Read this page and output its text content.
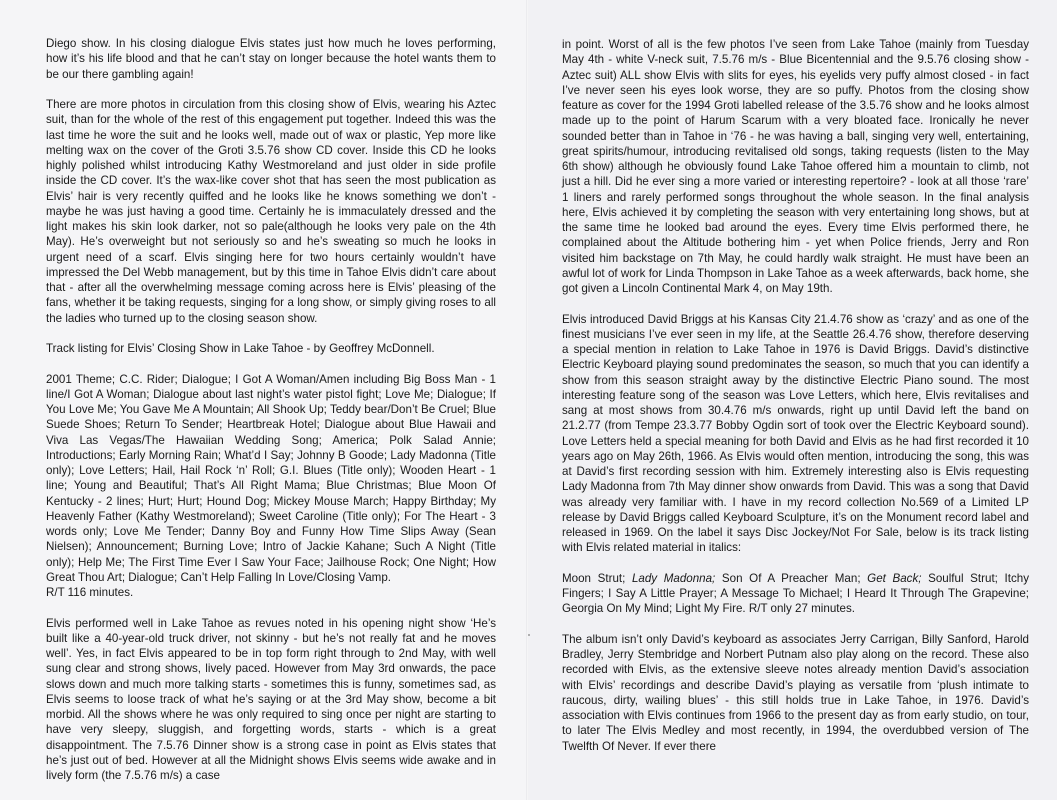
Diego show. In his closing dialogue Elvis states just how much he loves performing, how it’s his life blood and that he can’t stay on longer because the hotel wants them to be our there gambling again!

There are more photos in circulation from this closing show of Elvis, wearing his Aztec suit, than for the whole of the rest of this engagement put together. Indeed this was the last time he wore the suit and he looks well, made out of wax or plastic, Yep more like melting wax on the cover of the Groti 3.5.76 show CD cover. Inside this CD he looks highly polished whilst introducing Kathy Westmoreland and just older in side profile inside the CD cover. It’s the wax-like cover shot that has seen the most publication as Elvis’ hair is very recently quiffed and he looks like he knows something we don’t - maybe he was just having a good time. Certainly he is immaculately dressed and the light makes his skin look darker, not so pale(although he looks very pale on the 4th May). He’s overweight but not seriously so and he’s sweating so much he looks in urgent need of a scarf. Elvis singing here for two hours certainly wouldn’t have impressed the Del Webb management, but by this time in Tahoe Elvis didn’t care about that - after all the overwhelming message coming across here is Elvis’ pleasing of the fans, whether it be taking requests, singing for a long show, or simply giving roses to all the ladies who turned up to the closing season show.

Track listing for Elvis’ Closing Show in Lake Tahoe - by Geoffrey McDonnell.

2001 Theme; C.C. Rider; Dialogue; I Got A Woman/Amen including Big Boss Man - 1 line/I Got A Woman; Dialogue about last night’s water pistol fight; Love Me; Dialogue; If You Love Me; You Gave Me A Mountain; All Shook Up; Teddy bear/Don’t Be Cruel; Blue Suede Shoes; Return To Sender; Heartbreak Hotel; Dialogue about Blue Hawaii and Viva Las Vegas/The Hawaiian Wedding Song; America; Polk Salad Annie; Introductions; Early Morning Rain; What’d I Say; Johnny B Goode; Lady Madonna (Title only); Love Letters; Hail, Hail Rock ‘n’ Roll; G.I. Blues (Title only); Wooden Heart - 1 line; Young and Beautiful; That’s All Right Mama; Blue Christmas; Blue Moon Of Kentucky - 2 lines; Hurt; Hurt; Hound Dog; Mickey Mouse March; Happy Birthday; My Heavenly Father (Kathy Westmoreland); Sweet Caroline (Title only); For The Heart - 3 words only; Love Me Tender; Danny Boy and Funny How Time Slips Away (Sean Nielsen); Announcement; Burning Love; Intro of Jackie Kahane; Such A Night (Title only); Help Me; The First Time Ever I Saw Your Face; Jailhouse Rock; One Night; How Great Thou Art; Dialogue; Can’t Help Falling In Love/Closing Vamp.

R/T 116 minutes.

Elvis performed well in Lake Tahoe as revues noted in his opening night show ‘He’s built like a 40-year-old truck driver, not skinny - but he’s not really fat and he moves well’. Yes, in fact Elvis appeared to be in top form right through to 2nd May, with well sung clear and strong shows, lively paced. However from May 3rd onwards, the pace slows down and much more talking starts - sometimes this is funny, sometimes sad, as Elvis seems to loose track of what he’s saying or at the 3rd May show, become a bit morbid. All the shows where he was only required to sing once per night are starting to have very sleepy, sluggish, and forgetting words, starts - which is a great disappointment. The 7.5.76 Dinner show is a strong case in point as Elvis states that he’s just out of bed. However at all the Midnight shows Elvis seems wide awake and in lively form (the 7.5.76 m/s) a case

in point. Worst of all is the few photos I’ve seen from Lake Tahoe (mainly from Tuesday May 4th - white V-neck suit, 7.5.76 m/s - Blue Bicentennial and the 9.5.76 closing show - Aztec suit) ALL show Elvis with slits for eyes, his eyelids very puffy almost closed - in fact I’ve never seen his eyes look worse, they are so puffy. Photos from the closing show feature as cover for the 1994 Groti labelled release of the 3.5.76 show and he looks almost made up to the point of Harum Scarum with a very bloated face. Ironically he never sounded better than in Tahoe in ‘76 - he was having a ball, singing very well, entertaining, great spirits/humour, introducing revitalised old songs, taking requests (listen to the May 6th show) although he obviously found Lake Tahoe offered him a mountain to climb, not just a hill. Did he ever sing a more varied or interesting repertoire? - look at all those ‘rare’ 1 liners and rarely performed songs throughout the whole season. In the final analysis here, Elvis achieved it by completing the season with very entertaining long shows, but at the same time he looked bad around the eyes. Every time Elvis performed there, he complained about the Altitude bothering him - yet when Police friends, Jerry and Ron visited him backstage on 7th May, he could hardly walk straight. He must have been an awful lot of work for Linda Thompson in Lake Tahoe as a week afterwards, back home, she got given a Lincoln Continental Mark 4, on May 19th.

Elvis introduced David Briggs at his Kansas City 21.4.76 show as ‘crazy’ and as one of the finest musicians I’ve ever seen in my life, at the Seattle 26.4.76 show, therefore deserving a special mention in relation to Lake Tahoe in 1976 is David Briggs. David’s distinctive Electric Keyboard playing sound predominates the season, so much that you can identify a show from this season straight away by the distinctive Electric Piano sound. The most interesting feature song of the season was Love Letters, which here, Elvis revitalises and sang at most shows from 30.4.76 m/s onwards, right up until David left the band on 21.2.77 (from Tempe 23.3.77 Bobby Ogdin sort of took over the Electric Keyboard sound). Love Letters held a special meaning for both David and Elvis as he had first recorded it 10 years ago on May 26th, 1966. As Elvis would often mention, introducing the song, this was at David’s first recording session with him. Extremely interesting also is Elvis requesting Lady Madonna from 7th May dinner show onwards from David. This was a song that David was already very familiar with. I have in my record collection No.569 of a Limited LP release by David Briggs called Keyboard Sculpture, it’s on the Monument record label and released in 1969. On the label it says Disc Jockey/Not For Sale, below is its track listing with Elvis related material in italics:

Moon Strut; Lady Madonna; Son Of A Preacher Man; Get Back; Soulful Strut; Itchy Fingers; I Say A Little Prayer; A Message To Michael; I Heard It Through The Grapevine; Georgia On My Mind; Light My Fire. R/T only 27 minutes.

The album isn’t only David’s keyboard as associates Jerry Carrigan, Billy Sanford, Harold Bradley, Jerry Stembridge and Norbert Putnam also play along on the record. These also recorded with Elvis, as the extensive sleeve notes already mention David’s association with Elvis’ recordings and describe David’s playing as versatile from ‘plush intimate to raucous, dirty, wailing blues’ - this still holds true in Lake Tahoe, in 1976. David’s association with Elvis continues from 1966 to the present day as from early studio, on tour, to later The Elvis Medley and most recently, in 1994, the overdubbed version of The Twelfth Of Never. If ever there
